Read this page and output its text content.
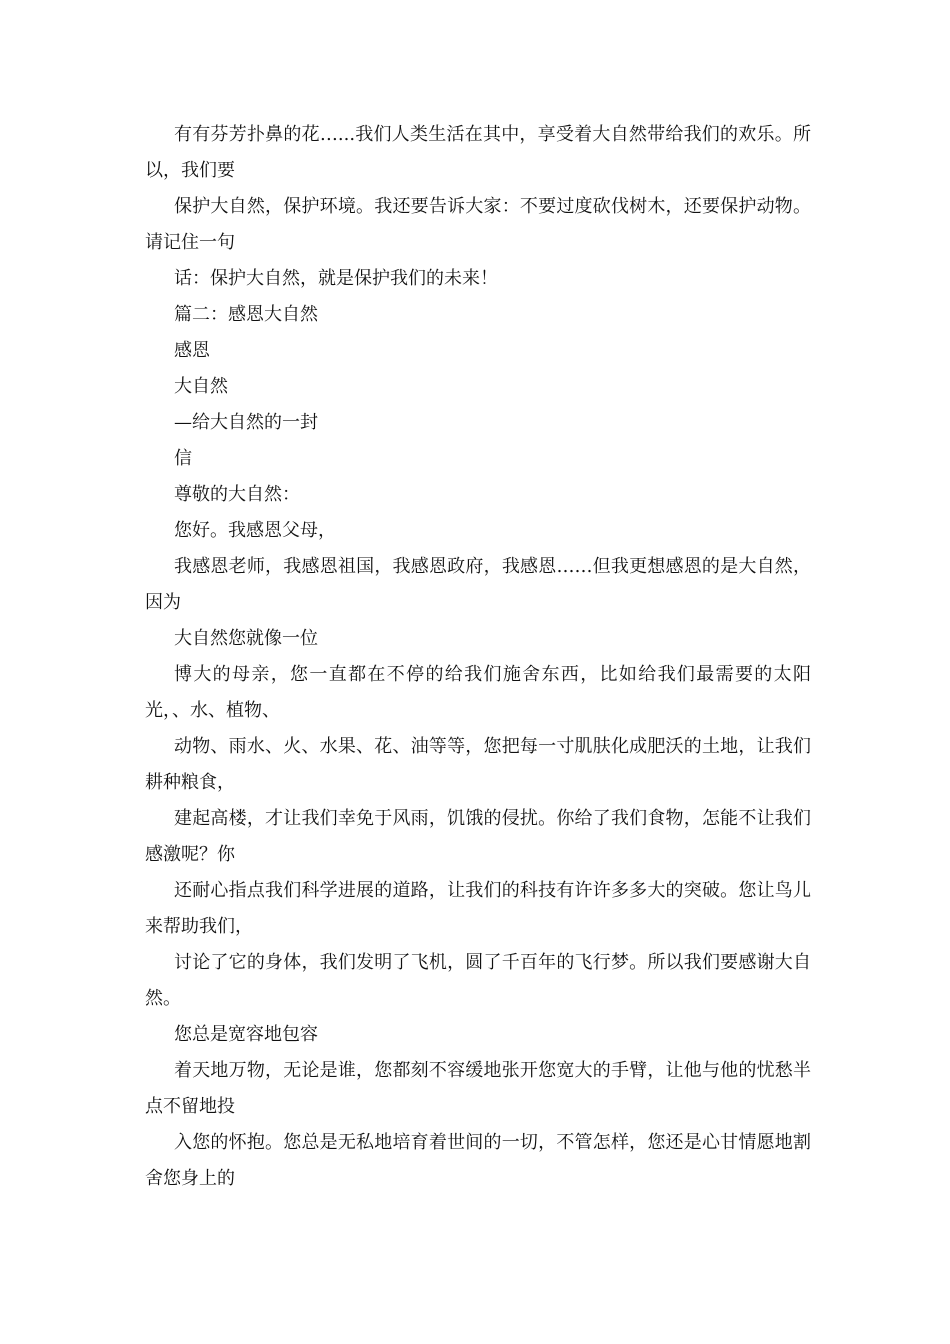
有有芬芳扑鼻的花…...我们人类生活在其中，享受着大自然带给我们的欢乐。所以，我们要

保护大自然，保护环境。我还要告诉大家：不要过度砍伐树木，还要保护动物。请记住一句

话：保护大自然，就是保护我们的未来！

篇二：感恩大自然

感恩

大自然

—给大自然的一封

信

尊敬的大自然：

您好。我感恩父母，

我感恩老师，我感恩祖国，我感恩政府，我感恩……但我更想感恩的是大自然，因为

大自然您就像一位

博大的母亲，您一直都在不停的给我们施舍东西，比如给我们最需要的太阳光，、水、植物、

动物、雨水、火、水果、花、油等等，您把每一寸肌肤化成肥沃的土地，让我们耕种粮食，

建起高楼，才让我们幸免于风雨，饥饿的侵扰。你给了我们食物，怎能不让我们感激呢？你

还耐心指点我们科学进展的道路，让我们的科技有许许多多大的突破。您让鸟儿来帮助我们，

讨论了它的身体，我们发明了飞机，圆了千百年的飞行梦。所以我们要感谢大自然。

您总是宽容地包容

着天地万物，无论是谁，您都刻不容缓地张开您宽大的手臂，让他与他的忧愁半点不留地投

入您的怀抱。您总是无私地培育着世间的一切，不管怎样，您还是心甘情愿地割舍您身上的
